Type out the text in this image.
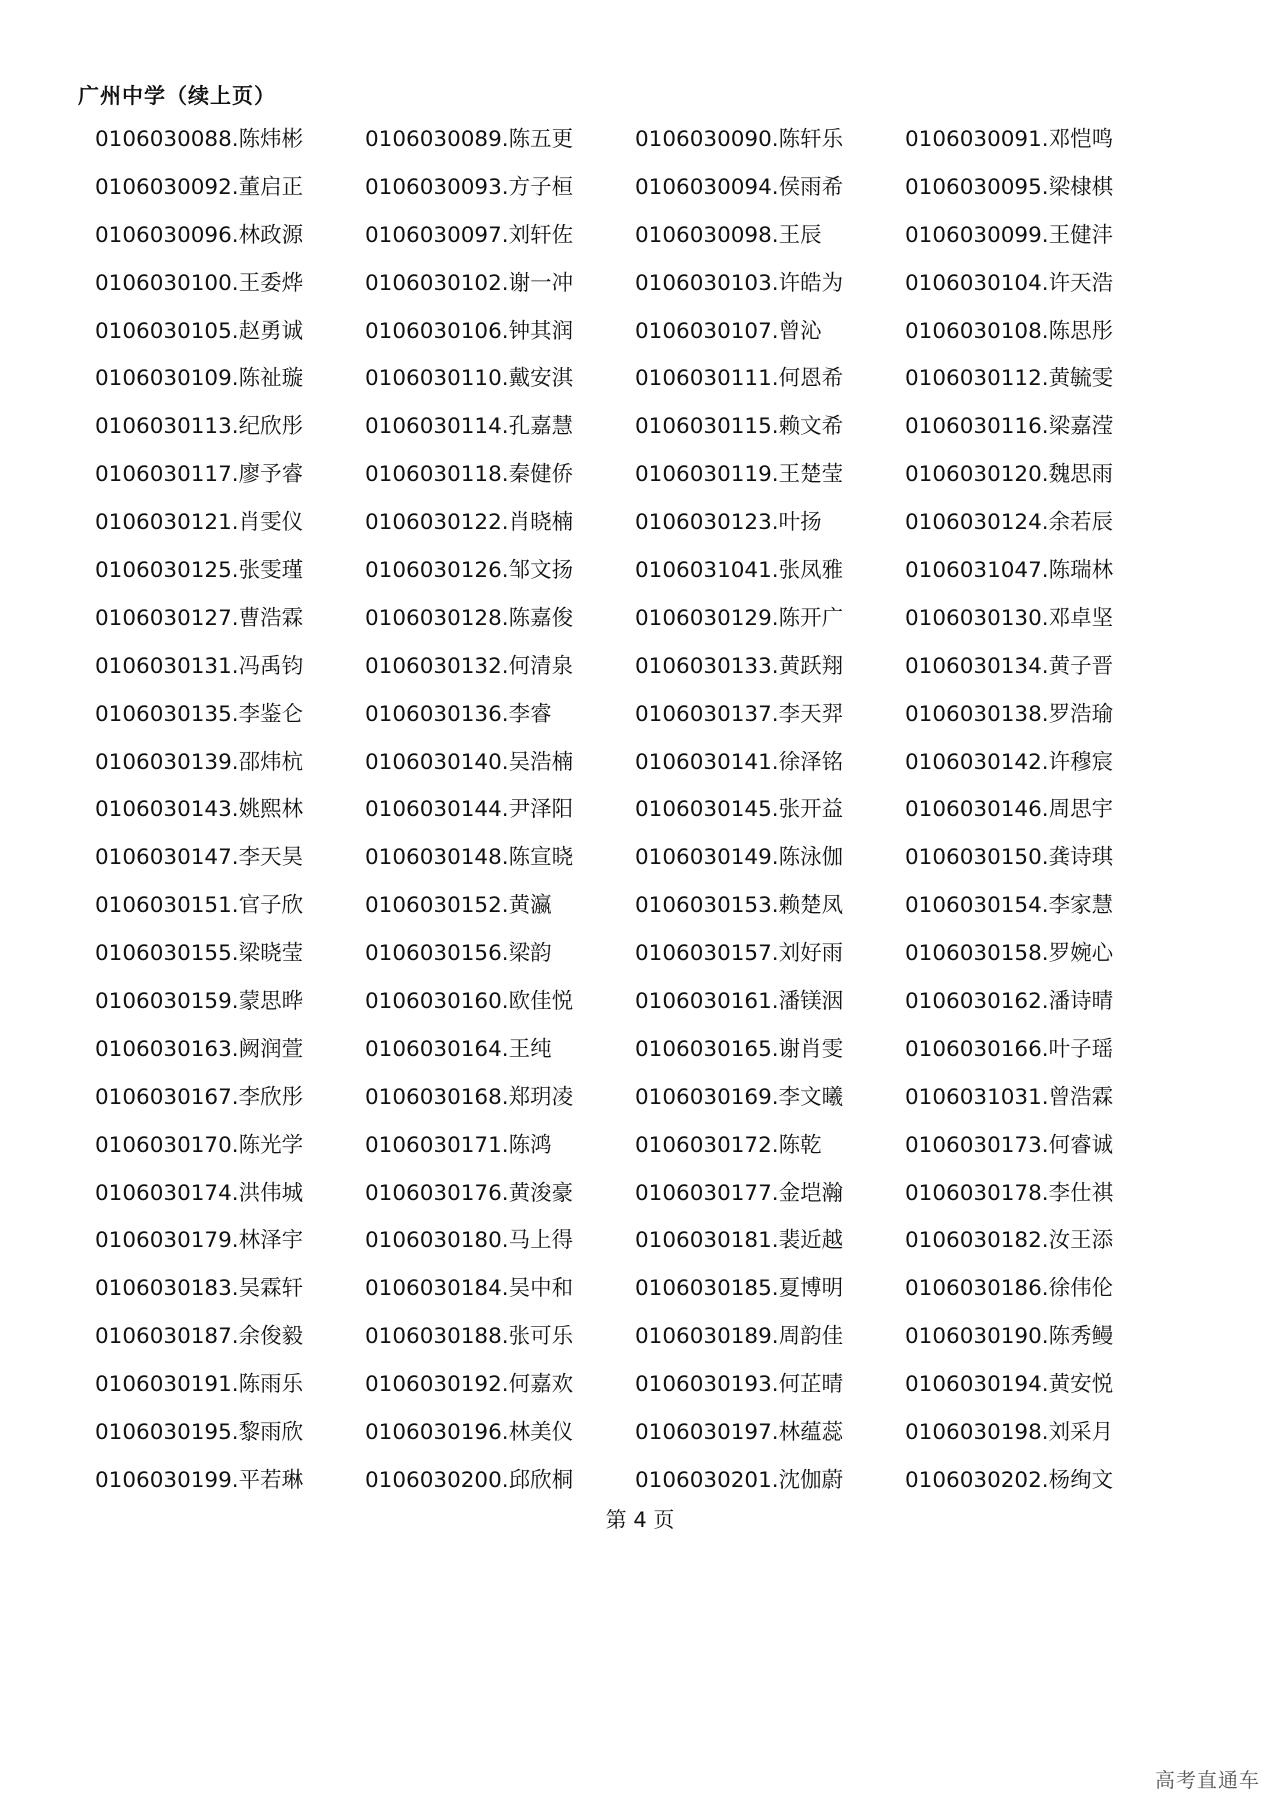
广州中学（续上页）
0106030088.陈炜彬	0106030089.陈五更	0106030090.陈轩乐	0106030091.邓恺鸣
0106030092.董启正	0106030093.方子桓	0106030094.侯雨希	0106030095.梁棣棋
0106030096.林政源	0106030097.刘轩佐	0106030098.王辰	0106030099.王健沣
0106030100.王委烨	0106030102.谢一冲	0106030103.许皓为	0106030104.许天浩
0106030105.赵勇诚	0106030106.钟其润	0106030107.曾沁	0106030108.陈思彤
0106030109.陈祉璇	0106030110.戴安淇	0106030111.何恩希	0106030112.黄毓雯
0106030113.纪欣彤	0106030114.孔嘉慧	0106030115.赖文希	0106030116.梁嘉滢
0106030117.廖予睿	0106030118.秦健侨	0106030119.王楚莹	0106030120.魏思雨
0106030121.肖雯仪	0106030122.肖晓楠	0106030123.叶扬	0106030124.余若辰
0106030125.张雯瑾	0106030126.邹文扬	0106031041.张凤雅	0106031047.陈瑞林
0106030127.曹浩霖	0106030128.陈嘉俊	0106030129.陈开广	0106030130.邓卓坚
0106030131.冯禹钧	0106030132.何清泉	0106030133.黄跃翔	0106030134.黄子晋
0106030135.李鉴仑	0106030136.李睿	0106030137.李天羿	0106030138.罗浩瑜
0106030139.邵炜杭	0106030140.吴浩楠	0106030141.徐泽铭	0106030142.许穆宸
0106030143.姚熙林	0106030144.尹泽阳	0106030145.张开益	0106030146.周思宇
0106030147.李天昊	0106030148.陈宣晓	0106030149.陈泳伽	0106030150.龚诗琪
0106030151.官子欣	0106030152.黄瀛	0106030153.赖楚凤	0106030154.李家慧
0106030155.梁晓莹	0106030156.梁韵	0106030157.刘好雨	0106030158.罗婉心
0106030159.蒙思晔	0106030160.欧佳悦	0106030161.潘镁洇	0106030162.潘诗晴
0106030163.阙润萱	0106030164.王纯	0106030165.谢肖雯	0106030166.叶子瑶
0106030167.李欣彤	0106030168.郑玥凌	0106030169.李文曦	0106031031.曾浩霖
0106030170.陈光学	0106030171.陈鸿	0106030172.陈乾	0106030173.何睿诚
0106030174.洪伟城	0106030176.黄浚豪	0106030177.金垲瀚	0106030178.李仕祺
0106030179.林泽宇	0106030180.马上得	0106030181.裴近越	0106030182.汝王添
0106030183.吴霖轩	0106030184.吴中和	0106030185.夏博明	0106030186.徐伟伦
0106030187.余俊毅	0106030188.张可乐	0106030189.周韵佳	0106030190.陈秀鳗
0106030191.陈雨乐	0106030192.何嘉欢	0106030193.何芷晴	0106030194.黄安悦
0106030195.黎雨欣	0106030196.林美仪	0106030197.林蕴蕊	0106030198.刘采月
0106030199.平若琳	0106030200.邱欣桐	0106030201.沈伽蔚	0106030202.杨绚文
第 4 页
高考直通车
